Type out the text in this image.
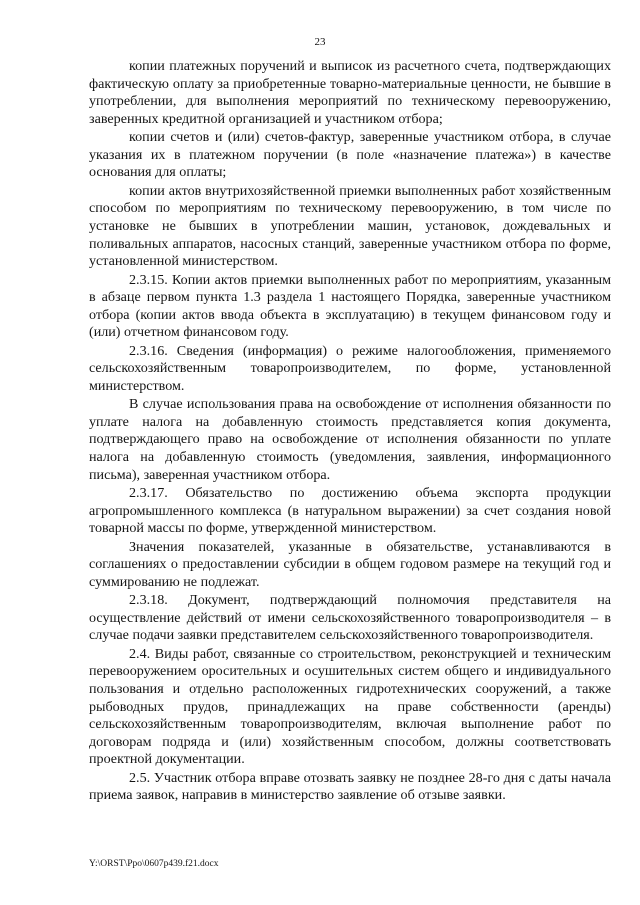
23

копии платежных поручений и выписок из расчетного счета, подтверждающих фактическую оплату за приобретенные товарно-материальные ценности, не бывшие в употреблении, для выполнения мероприятий по техническому перевооружению, заверенных кредитной организацией и участником отбора;

копии счетов и (или) счетов-фактур, заверенные участником отбора, в случае указания их в платежном поручении (в поле «назначение платежа») в качестве основания для оплаты;

копии актов внутрихозяйственной приемки выполненных работ хозяйственным способом по мероприятиям по техническому перевооружению, в том числе по установке не бывших в употреблении машин, установок, дождевальных и поливальных аппаратов, насосных станций, заверенные участником отбора по форме, установленной министерством.

2.3.15. Копии актов приемки выполненных работ по мероприятиям, указанным в абзаце первом пункта 1.3 раздела 1 настоящего Порядка, заверенные участником отбора (копии актов ввода объекта в эксплуатацию) в текущем финансовом году и (или) отчетном финансовом году.

2.3.16. Сведения (информация) о режиме налогообложения, применяемого сельскохозяйственным товаропроизводителем, по форме, установленной министерством.

В случае использования права на освобождение от исполнения обязанности по уплате налога на добавленную стоимость представляется копия документа, подтверждающего право на освобождение от исполнения обязанности по уплате налога на добавленную стоимость (уведомления, заявления, информационного письма), заверенная участником отбора.

2.3.17. Обязательство по достижению объема экспорта продукции агропромышленного комплекса (в натуральном выражении) за счет создания новой товарной массы по форме, утвержденной министерством.

Значения показателей, указанные в обязательстве, устанавливаются в соглашениях о предоставлении субсидии в общем годовом размере на текущий год и суммированию не подлежат.

2.3.18. Документ, подтверждающий полномочия представителя на осуществление действий от имени сельскохозяйственного товаропроизводителя – в случае подачи заявки представителем сельскохозяйственного товаропроизводителя.

2.4. Виды работ, связанные со строительством, реконструкцией и техническим перевооружением оросительных и осушительных систем общего и индивидуального пользования и отдельно расположенных гидротехнических сооружений, а также рыбоводных прудов, принадлежащих на праве собственности (аренды) сельскохозяйственным товаропроизводителям, включая выполнение работ по договорам подряда и (или) хозяйственным способом, должны соответствовать проектной документации.

2.5. Участник отбора вправе отозвать заявку не позднее 28-го дня с даты начала приема заявок, направив в министерство заявление об отзыве заявки.

Y:\ORST\Ppo\0607p439.f21.docx
